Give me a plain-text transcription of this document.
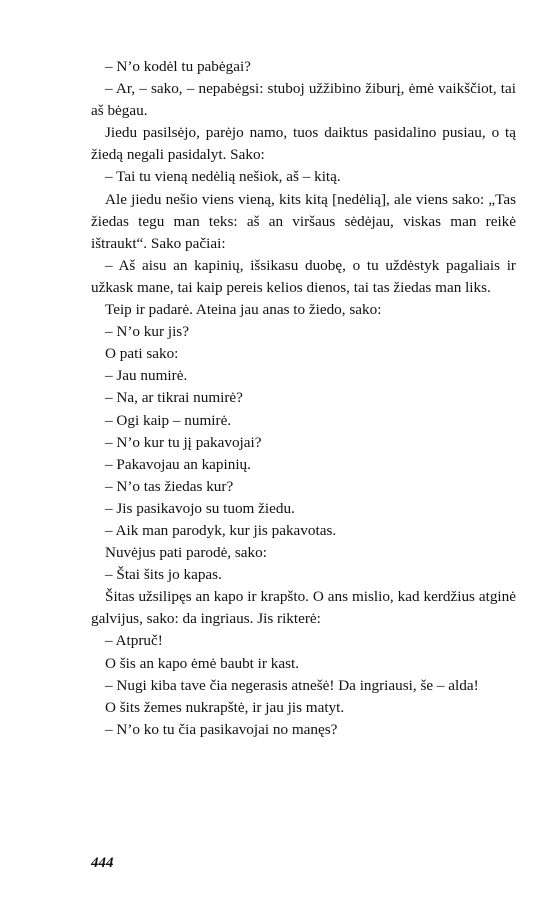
– N’o kodėl tu pabėgai?

– Ar, – sako, – nepabėgsi: stuboj užžibino žiburį, ėmė vaikščiot, tai aš bėgau.

Jiedu pasilsėjo, parėjo namo, tuos daiktus pasidalino pusiau, o tą žiedą negali pasidalyt. Sako:

– Tai tu vieną nedėlią nešiok, aš – kitą.

Ale jiedu nešio viens vieną, kits kitą [nedėlią], ale viens sako: „Tas žiedas tegu man teks: aš an viršaus sėdėjau, viskas man reikė ištraukt“. Sako pačiai:

– Aš aisu an kapinių, išsikasu duobę, o tu uždėstyk pagaliais ir užkask mane, tai kaip pereis kelios dienos, tai tas žiedas man liks.

Teip ir padarė. Ateina jau anas to žiedo, sako:

– N’o kur jis?

O pati sako:

– Jau numirė.

– Na, ar tikrai numirė?

– Ogi kaip – numirė.

– N’o kur tu jį pakavojai?

– Pakavojau an kapinių.

– N’o tas žiedas kur?

– Jis pasikavojo su tuom žiedu.

– Aik man parodyk, kur jis pakavotas.

Nuvėjus pati parodė, sako:

– Štai šits jo kapas.

Šitas užsilipęs an kapo ir krapšto. O ans mislio, kad kerdžius atginė galvijus, sako: da ingriaus. Jis rikterė:

– Atpruč!

O šis an kapo ėmė baubt ir kast.

– Nugi kiba tave čia negerasis atnešė! Da ingriausi, še – alda!

O šits žemes nukrapštė, ir jau jis matyt.

– N’o ko tu čia pasikavojai no manęs?

444
